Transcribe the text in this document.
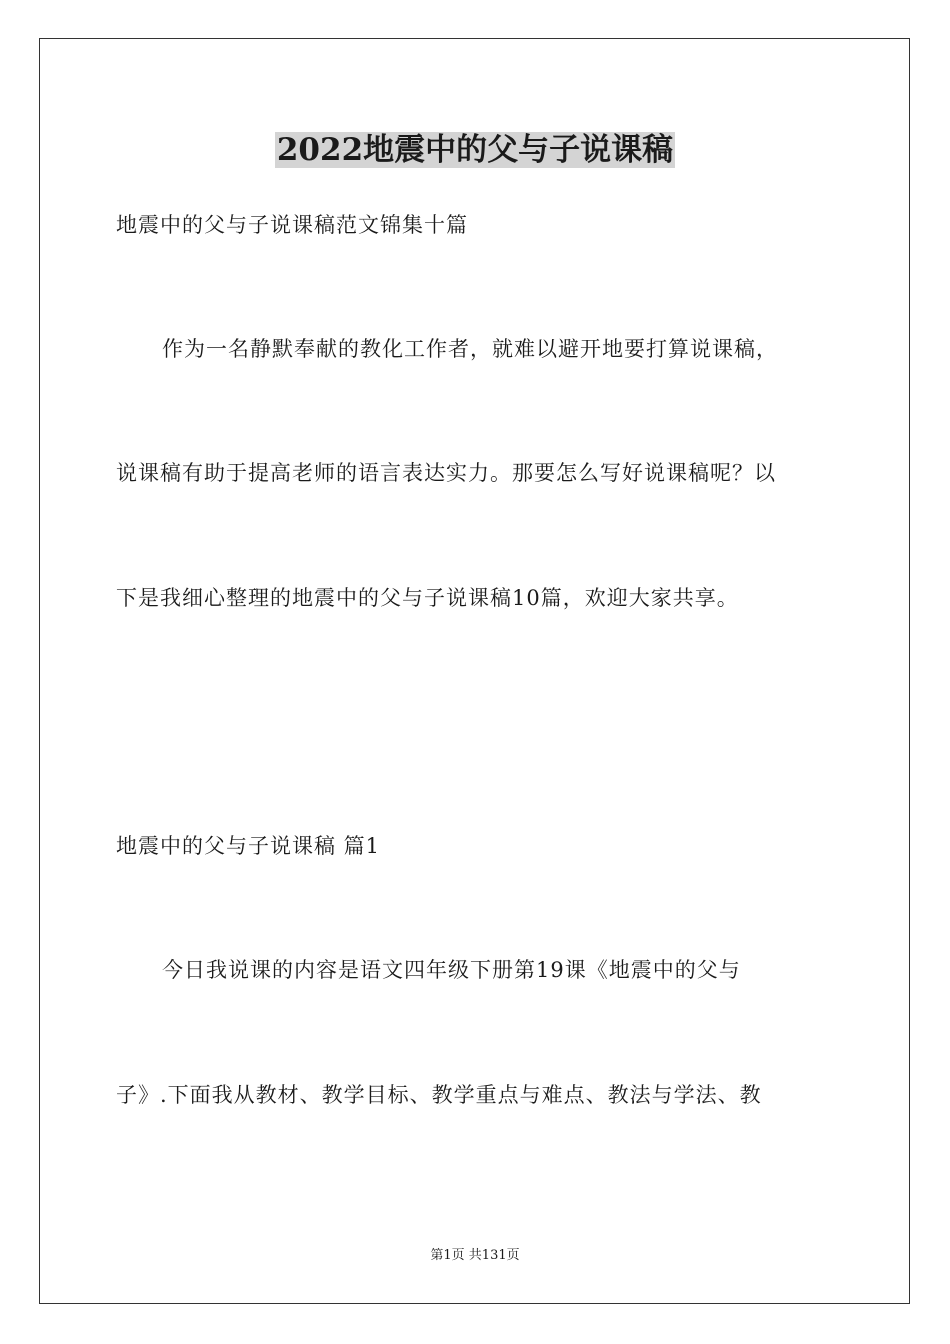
2022地震中的父与子说课稿
地震中的父与子说课稿范文锦集十篇
作为一名静默奉献的教化工作者，就难以避开地要打算说课稿，
说课稿有助于提高老师的语言表达实力。那要怎么写好说课稿呢？以
下是我细心整理的地震中的父与子说课稿10篇，欢迎大家共享。
地震中的父与子说课稿 篇1
今日我说课的内容是语文四年级下册第19课《地震中的父与
子》.下面我从教材、教学目标、教学重点与难点、教法与学法、教
第1页 共131页
